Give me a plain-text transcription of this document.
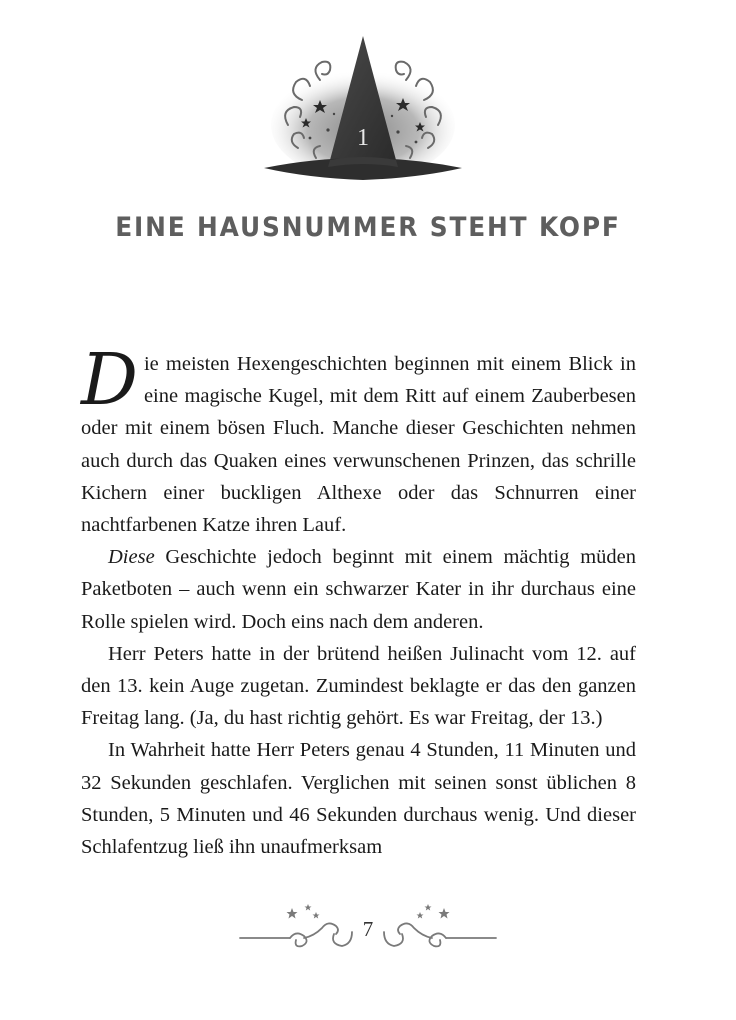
1
EINE HAUSNUMMER STEHT KOPF

Die meisten Hexengeschichten beginnen mit einem Blick in eine magische Kugel, mit dem Ritt auf einem Zauberbesen oder mit einem bösen Fluch. Manche dieser Geschichten nehmen auch durch das Quaken eines verwunschenen Prinzen, das schrille Kichern einer buckligen Althexe oder das Schnurren einer nachtfarbenen Katze ihren Lauf.

Diese Geschichte jedoch beginnt mit einem mächtig müden Paketboten – auch wenn ein schwarzer Kater in ihr durchaus eine Rolle spielen wird. Doch eins nach dem anderen.

Herr Peters hatte in der brütend heißen Julinacht vom 12. auf den 13. kein Auge zugetan. Zumindest beklagte er das den ganzen Freitag lang. (Ja, du hast richtig gehört. Es war Freitag, der 13.)

In Wahrheit hatte Herr Peters genau 4 Stunden, 11 Minuten und 32 Sekunden geschlafen. Verglichen mit seinen sonst üblichen 8 Stunden, 5 Minuten und 46 Sekunden durchaus wenig. Und dieser Schlafentzug ließ ihn unaufmerksam

7
